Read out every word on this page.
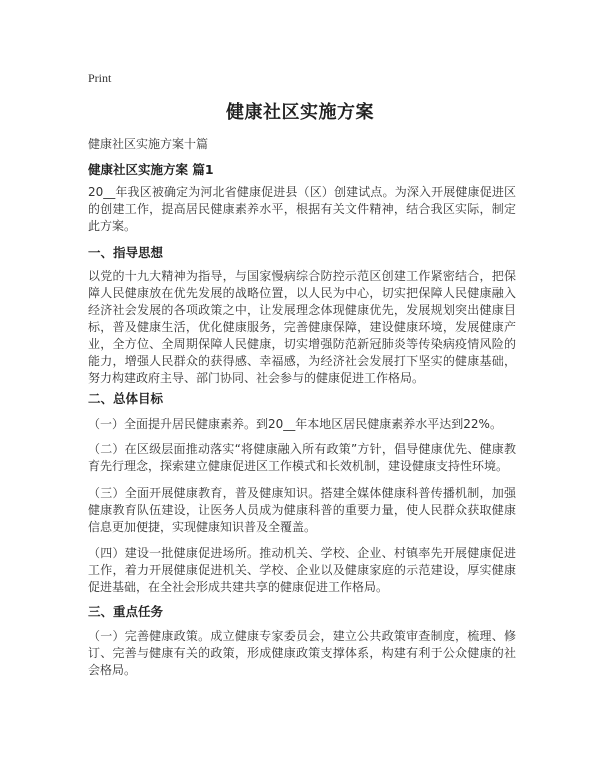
Print
健康社区实施方案
健康社区实施方案十篇
健康社区实施方案 篇1
20__年我区被确定为河北省健康促进县（区）创建试点。为深入开展健康促进区的创建工作，提高居民健康素养水平，根据有关文件精神，结合我区实际，制定此方案。
一、指导思想
以党的十九大精神为指导，与国家慢病综合防控示范区创建工作紧密结合，把保障人民健康放在优先发展的战略位置，以人民为中心，切实把保障人民健康融入经济社会发展的各项政策之中，让发展理念体现健康优先，发展规划突出健康目标，普及健康生活，优化健康服务，完善健康保障，建设健康环境，发展健康产业，全方位、全周期保障人民健康，切实增强防范新冠肺炎等传染病疫情风险的能力，增强人民群众的获得感、幸福感，为经济社会发展打下坚实的健康基础，努力构建政府主导、部门协同、社会参与的健康促进工作格局。
二、总体目标
（一）全面提升居民健康素养。到20__年本地区居民健康素养水平达到22%。
（二）在区级层面推动落实“将健康融入所有政策”方针，倡导健康优先、健康教育先行理念，探索建立健康促进区工作模式和长效机制，建设健康支持性环境。
（三）全面开展健康教育，普及健康知识。搭建全媒体健康科普传播机制，加强健康教育队伍建设，让医务人员成为健康科普的重要力量，使人民群众获取健康信息更加便捷，实现健康知识普及全覆盖。
（四）建设一批健康促进场所。推动机关、学校、企业、村镇率先开展健康促进工作，着力开展健康促进机关、学校、企业以及健康家庭的示范建设，厚实健康促进基础，在全社会形成共建共享的健康促进工作格局。
三、重点任务
（一）完善健康政策。成立健康专家委员会，建立公共政策审查制度，梳理、修订、完善与健康有关的政策，形成健康政策支撑体系，构建有利于公众健康的社会格局。
